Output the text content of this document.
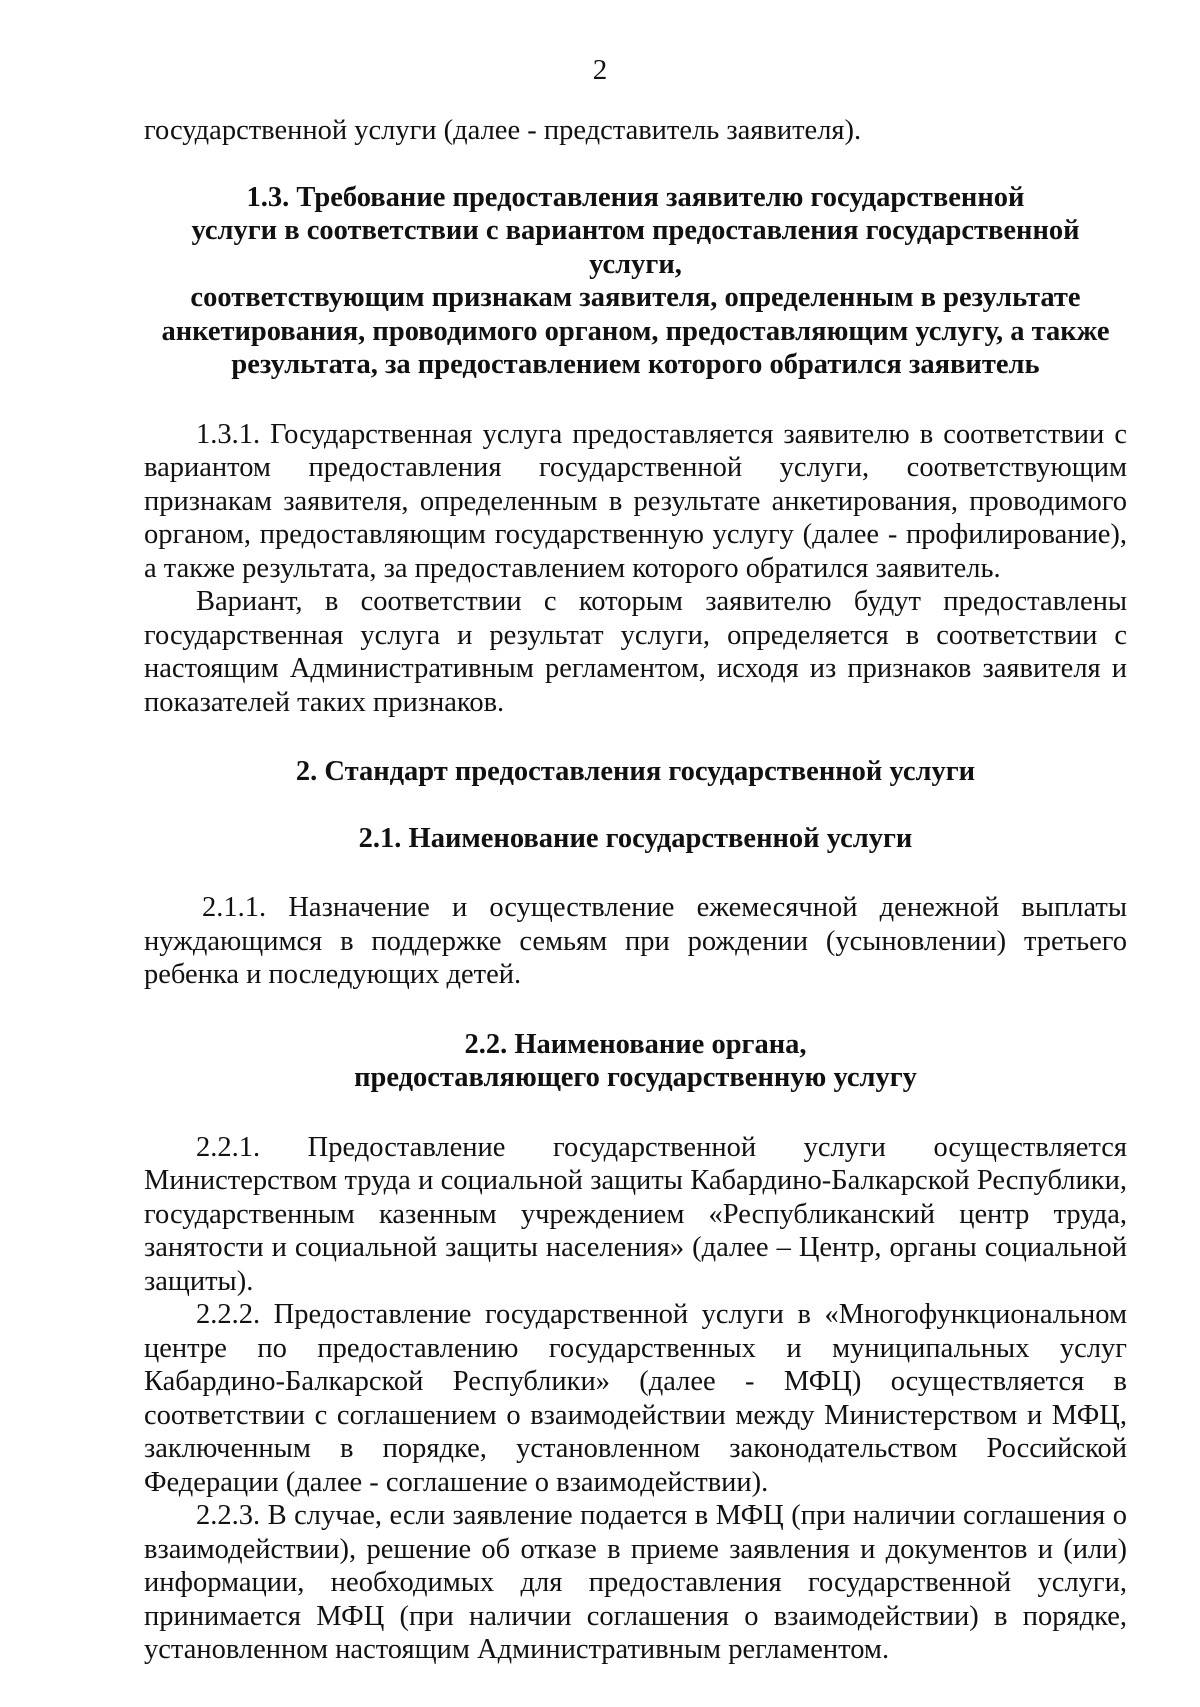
2

государственной услуги (далее - представитель заявителя).

1.3. Требование предоставления заявителю государственной
услуги в соответствии с вариантом предоставления государственной услуги,
соответствующим признакам заявителя, определенным в результате
анкетирования, проводимого органом, предоставляющим услугу, а также
результата, за предоставлением которого обратился заявитель

1.3.1. Государственная услуга предоставляется заявителю в соответствии с вариантом предоставления государственной услуги, соответствующим признакам заявителя, определенным в результате анкетирования, проводимого органом, предоставляющим государственную услугу (далее - профилирование), а также результата, за предоставлением которого обратился заявитель.

Вариант, в соответствии с которым заявителю будут предоставлены государственная услуга и результат услуги, определяется в соответствии с настоящим Административным регламентом, исходя из признаков заявителя и показателей таких признаков.

2. Стандарт предоставления государственной услуги
2.1. Наименование государственной услуги

2.1.1. Назначение и осуществление ежемесячной денежной выплаты нуждающимся в поддержке семьям при рождении (усыновлении) третьего ребенка и последующих детей.

2.2. Наименование органа,
предоставляющего государственную услугу

2.2.1. Предоставление государственной услуги осуществляется Министерством труда и социальной защиты Кабардино-Балкарской Республики, государственным казенным учреждением «Республиканский центр труда, занятости и социальной защиты населения» (далее – Центр, органы социальной защиты).

2.2.2. Предоставление государственной услуги в «Многофункциональном центре по предоставлению государственных и муниципальных услуг Кабардино-Балкарской Республики» (далее - МФЦ) осуществляется в соответствии с соглашением о взаимодействии между Министерством и МФЦ, заключенным в порядке, установленном законодательством Российской Федерации (далее - соглашение о взаимодействии).

2.2.3. В случае, если заявление подается в МФЦ (при наличии соглашения о взаимодействии), решение об отказе в приеме заявления и документов и (или) информации, необходимых для предоставления государственной услуги, принимается МФЦ (при наличии соглашения о взаимодействии) в порядке, установленном настоящим Административным регламентом.
